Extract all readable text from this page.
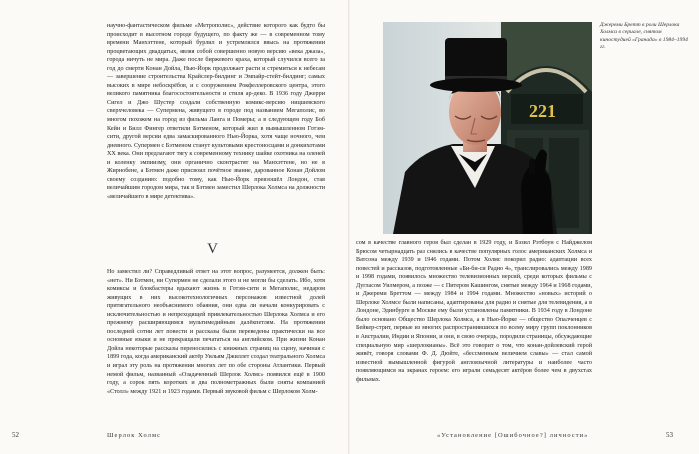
научно-фантастическом фильме «Метрополис», действие которого как будто бы происходит в высотном городе будущего, по факту же — в современном тому времени Манхэттене, который бурлил и устремлялся ввысь на протяжении процветающих двадцатых, являя собой совершенно новую версию «века джаза», города ничуть не мира. Даже после биржевого краха, который случился всего за год до смерти Конан Дойла, Нью-Йорк продолжает расти и стремиться к небесам — завершение строительства Крайслер-билдинг и Эмпайр-стейт-билдинг; самых высоких в мире небоскрёбов, и с сооружением Рокфеллеровского центра, этого великого памятника благосостоятельности и стиля ар-деко. В 1936 году Джерри Сигел и Джо Шустер создали собственную комикс-версию ницшевского сверхчеловека — Супермена, живущего в городе под названием Мегаполис, во многом похожем на город из фильма Ланга и Померы; а в следующем году Боб Кейн и Билл Фингер ответили Бэтменом, который жил в вымышленном Готэм-сити, другой версии едва замаскированного Нью-Йорка, хотя чаще ночного, чем дневного. Супермен с Бэтменом станут культовыми крестоносцами и донкихотами XX века. Они предлагают тягу к современному технику шайке охотника на оленей и коленку эмпиизму, они органично сконтрастят на Манхэттене, но не в Жирнобене, а Бэтмен даже присвоил почётное звание, дарованное Конан Дойлом своему созданию: подобно тому, как Нью-Йорк превзошёл Лондон, став величайшим городом мира, так и Бэтмен заместил Шерлока Холмса на должности «величайшего в мире детектива».

V

Но заместил ли? Справедливый ответ на этот вопрос, разумеется, должен быть: «нет». Ни Бэтмен, ни Супермен не сделали этого и не могли бы сделать. Ибо, хотя комиксы и блокбастеры вдыхают жизнь в Готэм-сити и Мегаполис, недаром живущих в них высокотехнологичных персонажов известной долей притягательного необъяснимого обаяния, они едва ли начали конкурировать с исключительностью и непреходящей привлекательностью Шерлока Холмса и его прежнему расширяющимся мультимедийным далёкпетлям. На протяжении последней сотни лет повести и рассказы были переведены практически на все основные языки и не прекращали печататься на английском. При жизни Конан Дойла некоторые рассказы переносились с книжных страниц на сцену, начиная с 1899 года, когда американский актёр Уильям Джиллет создал театрального Холмса и играл эту роль на протяжении многих лет по обе стороны Атлантики. Первый немой фильм, названный «Озадаченный Шерлок Холмс» появился ещё в 1900 году, а сорок пять коротких и два полнометражных были сняты компанией «Столл» между 1921 и 1923 годами. Первый звуковой фильм с Шерлоком Холм-

52	Шерлок Холмс
221
Джереми Бретт в роли Шерлока Холмса в сериале, снятом киностудией «Гранада» в 1984–1994 гг.

сом в качестве главного героя был сделан в 1929 году, и Бэзил Рэтбоун с Найджелом Брюсом четырнадцать раз снялись в качестве популярных голос американских Холмса и Ватсона между 1939 и 1946 годами. Потом Холмс покорил радио: адаптации всех повестей и рассказов, подготовленные «Би-би-си Радио 4», транслировались между 1989 и 1998 годами, появилось множество телевизионных версий, среди которых фильмы с Дугласом Уилмером, а позже — с Питером Кашингом, снятые между 1964 и 1968 годами, и Джереми Бреттом — между 1984 и 1994 годами. Множество «новых» историй о Шерлоке Холмсе были написаны, адаптированы для радио и снятые для телевидения, а в Лондоне, Эдинбурге и Москве ему были установлены памятники. В 1934 году в Лондоне было основано Общество Шерлока Холмса, а в Нью-Йорке — общество Опалченцев с Бейкер-стрит, первые из многих распространившихся по всему миру групп поклонников в Австралии, Индии и Японии, и они, в свою очередь, породили страницы, обсуждающие специальную мир «шерлокианы». Всё это говорит о том, что конан-дойлевский герой живёт, говоря словами Ф. Д. Дюйте, «бессменным величием славы» — стал самой известной вымышленной фигурой англоязычной литературы и наиболее часто появляющимся на экранах героем: его играли семьдесят актёров более чем в двухстах фильмах.

«Установление [Ошибочное?] личности»	53
